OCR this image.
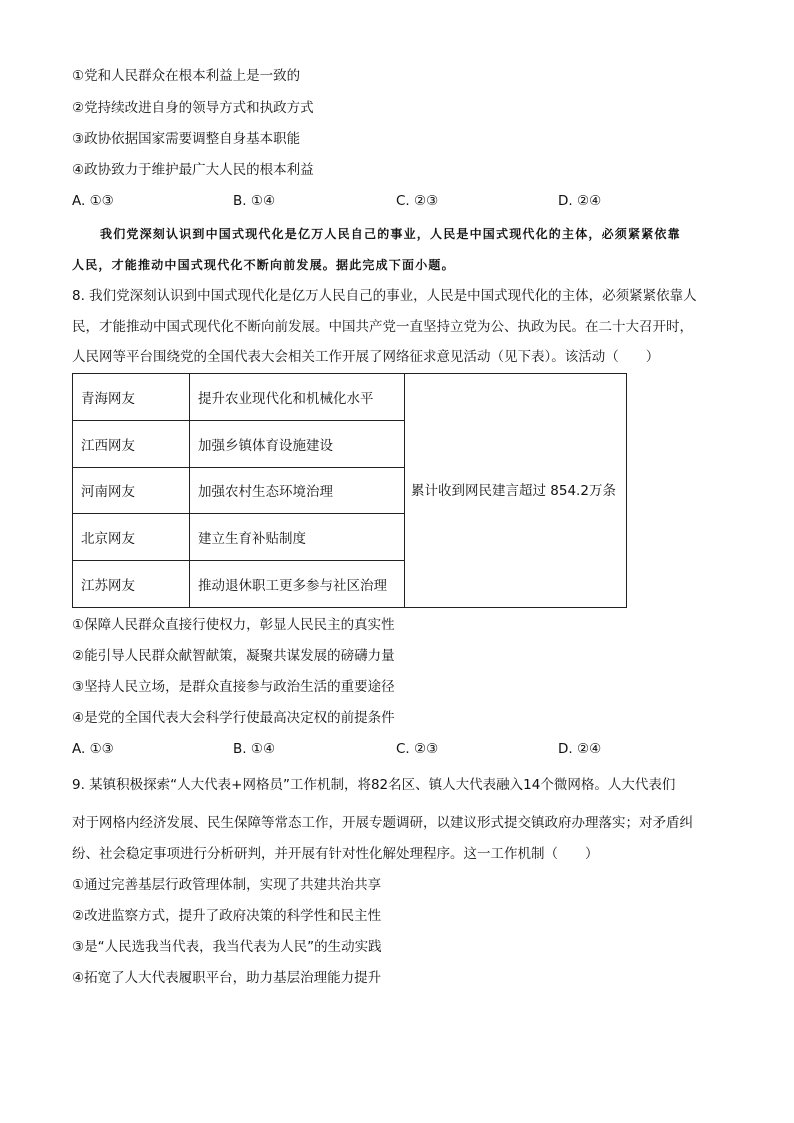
①党和人民群众在根本利益上是一致的
②党持续改进自身的领导方式和执政方式
③政协依据国家需要调整自身基本职能
④政协致力于维护最广大人民的根本利益
A. ①③	B. ①④	C. ②③	D. ②④
我们党深刻认识到中国式现代化是亿万人民自己的事业，人民是中国式现代化的主体，必须紧紧依靠
人民，才能推动中国式现代化不断向前发展。据此完成下面小题。
8. 我们党深刻认识到中国式现代化是亿万人民自己的事业，人民是中国式现代化的主体，必须紧紧依靠人
民，才能推动中国式现代化不断向前发展。中国共产党一直坚持立党为公、执政为民。在二十大召开时，
人民网等平台围绕党的全国代表大会相关工作开展了网络征求意见活动（见下表）。该活动（　　）
青海网友	提升农业现代化和机械化水平	累计收到网民建言超过 854.2万条
江西网友	加强乡镇体育设施建设	
河南网友	加强农村生态环境治理	
北京网友	建立生育补贴制度	
江苏网友	推动退休职工更多参与社区治理	
①保障人民群众直接行使权力，彰显人民民主的真实性
②能引导人民群众献智献策，凝聚共谋发展的磅礴力量
③坚持人民立场，是群众直接参与政治生活的重要途径
④是党的全国代表大会科学行使最高决定权的前提条件
A. ①③	B. ①④	C. ②③	D. ②④
9. 某镇积极探索“人大代表+网格员”工作机制，将82名区、镇人大代表融入14个微网格。人大代表们
对于网格内经济发展、民生保障等常态工作，开展专题调研，以建议形式提交镇政府办理落实；对矛盾纠
纷、社会稳定事项进行分析研判，并开展有针对性化解处理程序。这一工作机制（　　）
①通过完善基层行政管理体制，实现了共建共治共享
②改进监察方式，提升了政府决策的科学性和民主性
③是“人民选我当代表，我当代表为人民”的生动实践
④拓宽了人大代表履职平台，助力基层治理能力提升
